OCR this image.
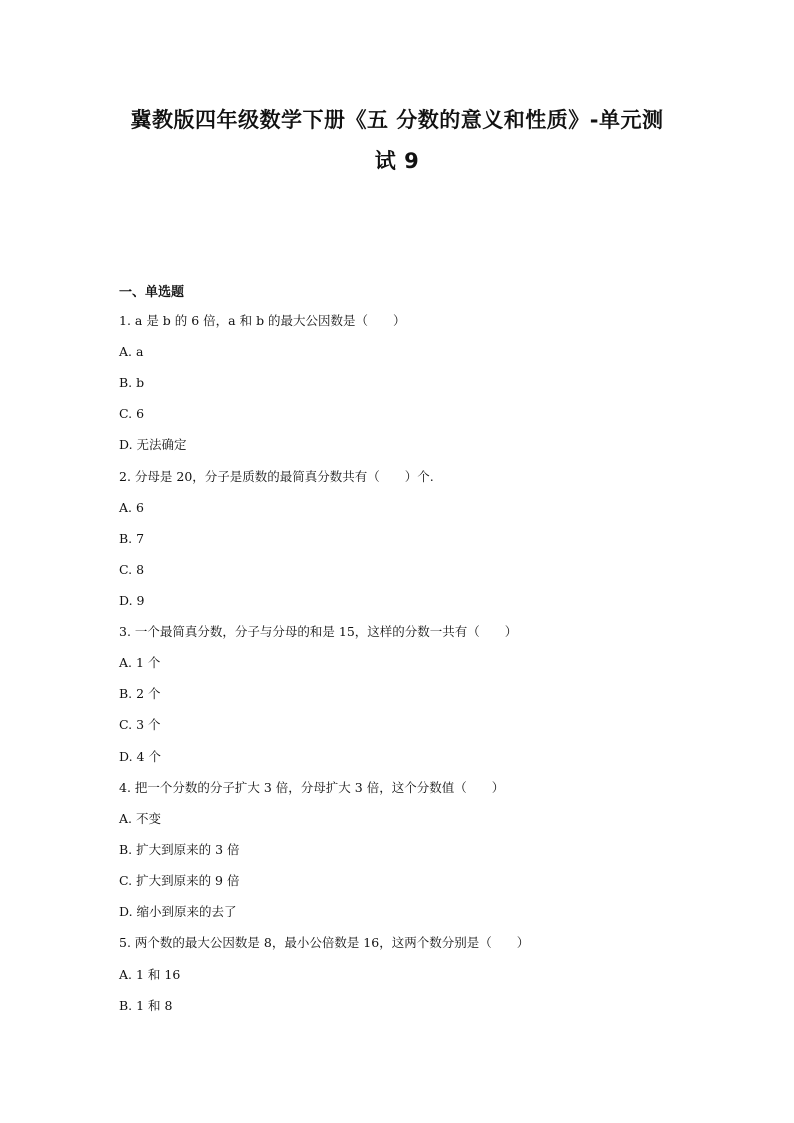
冀教版四年级数学下册《五 分数的意义和性质》-单元测
试 9
一、单选题
1. a 是 b 的 6 倍，a 和 b 的最大公因数是（　　）
A. a
B. b
C. 6
D. 无法确定
2. 分母是 20，分子是质数的最简真分数共有（　　）个.
A. 6
B. 7
C. 8
D. 9
3. 一个最简真分数，分子与分母的和是 15，这样的分数一共有（　　）
A. 1 个
B. 2 个
C. 3 个
D. 4 个
4. 把一个分数的分子扩大 3 倍，分母扩大 3 倍，这个分数值（　　）
A. 不变
B. 扩大到原来的 3 倍
C. 扩大到原来的 9 倍
D. 缩小到原来的去了
5. 两个数的最大公因数是 8，最小公倍数是 16，这两个数分别是（　　）
A. 1 和 16
B. 1 和 8
